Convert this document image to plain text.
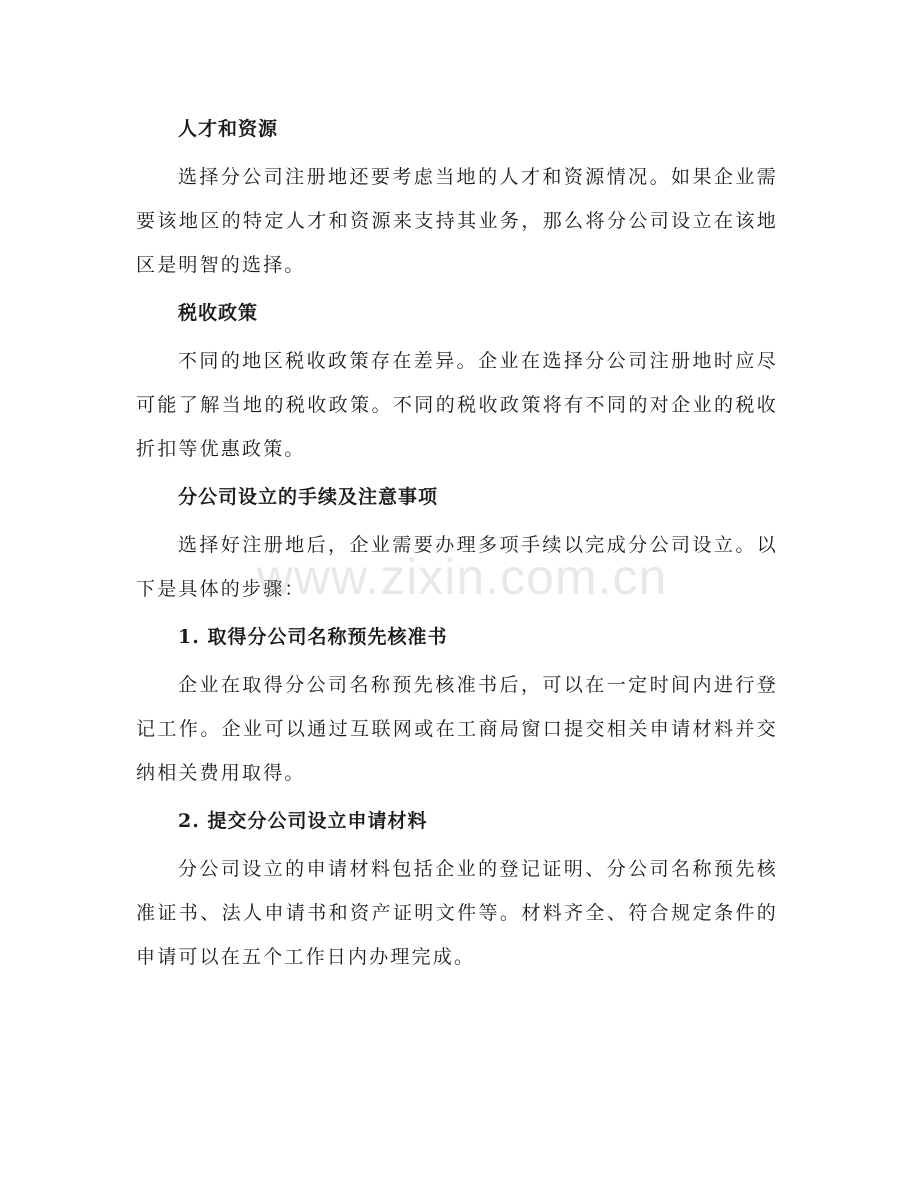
人才和资源

选择分公司注册地还要考虑当地的人才和资源情况。如果企业需要该地区的特定人才和资源来支持其业务，那么将分公司设立在该地区是明智的选择。

税收政策

不同的地区税收政策存在差异。企业在选择分公司注册地时应尽可能了解当地的税收政策。不同的税收政策将有不同的对企业的税收折扣等优惠政策。

分公司设立的手续及注意事项

选择好注册地后，企业需要办理多项手续以完成分公司设立。以下是具体的步骤：

1. 取得分公司名称预先核准书

企业在取得分公司名称预先核准书后，可以在一定时间内进行登记工作。企业可以通过互联网或在工商局窗口提交相关申请材料并交纳相关费用取得。

2. 提交分公司设立申请材料

分公司设立的申请材料包括企业的登记证明、分公司名称预先核准证书、法人申请书和资产证明文件等。材料齐全、符合规定条件的申请可以在五个工作日内办理完成。

www.zixin.com.cn
